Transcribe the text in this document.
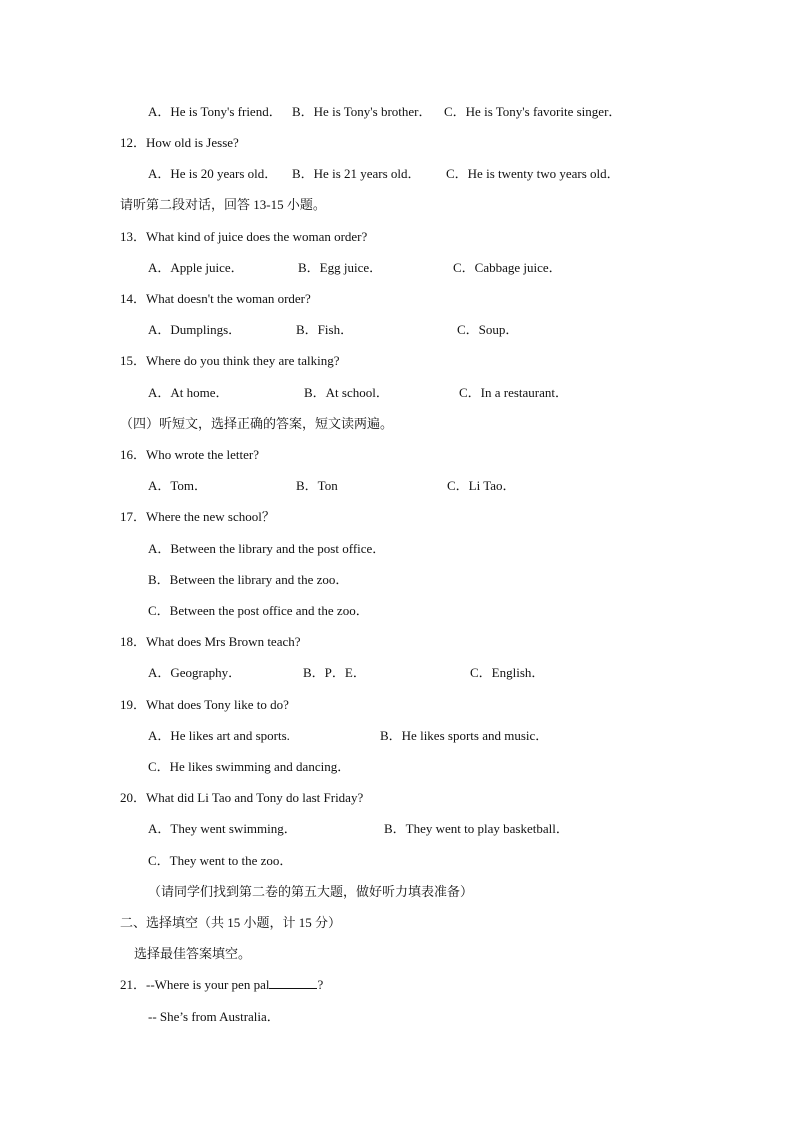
A．He is Tony's friend． B．He is Tony's brother． C．He is Tony's favorite singer．
12．How old is Jesse?
A．He is 20 years old． B．He is 21 years old． C．He is twenty two years old．
请听第二段对话，回答 13-15 小题。
13．What kind of juice does the woman order?
A．Apple juice．	B．Egg juice．	C．Cabbage juice．
14．What doesn't the woman order?
A．Dumplings．	B．Fish．	C．Soup．
15．Where do you think they are talking?
A．At home．	B．At school．	C．In a restaurant．
（四）听短文，选择正确的答案，短文读两遍。
16．Who wrote the letter?
A．Tom．	B．Ton	C．Li Tao．
17．Where the new school？
A．Between the library and the post office．
B．Between the library and the zoo．
C．Between the post office and the zoo．
18．What does Mrs Brown teach?
A．Geography．	B．P．E．	C．English．
19．What does Tony like to do?
A．He likes art and sports.	B．He likes sports and music．
C．He likes swimming and dancing．
20．What did Li Tao and Tony do last Friday?
A．They went swimming．	B．They went to play basketball．
C．They went to the zoo．
（请同学们找到第二卷的第五大题，做好听力填表准备）
二、选择填空（共 15 小题，计 15 分）
选择最佳答案填空。
21．--Where is your pen pal	?
-- She’s from Australia．
